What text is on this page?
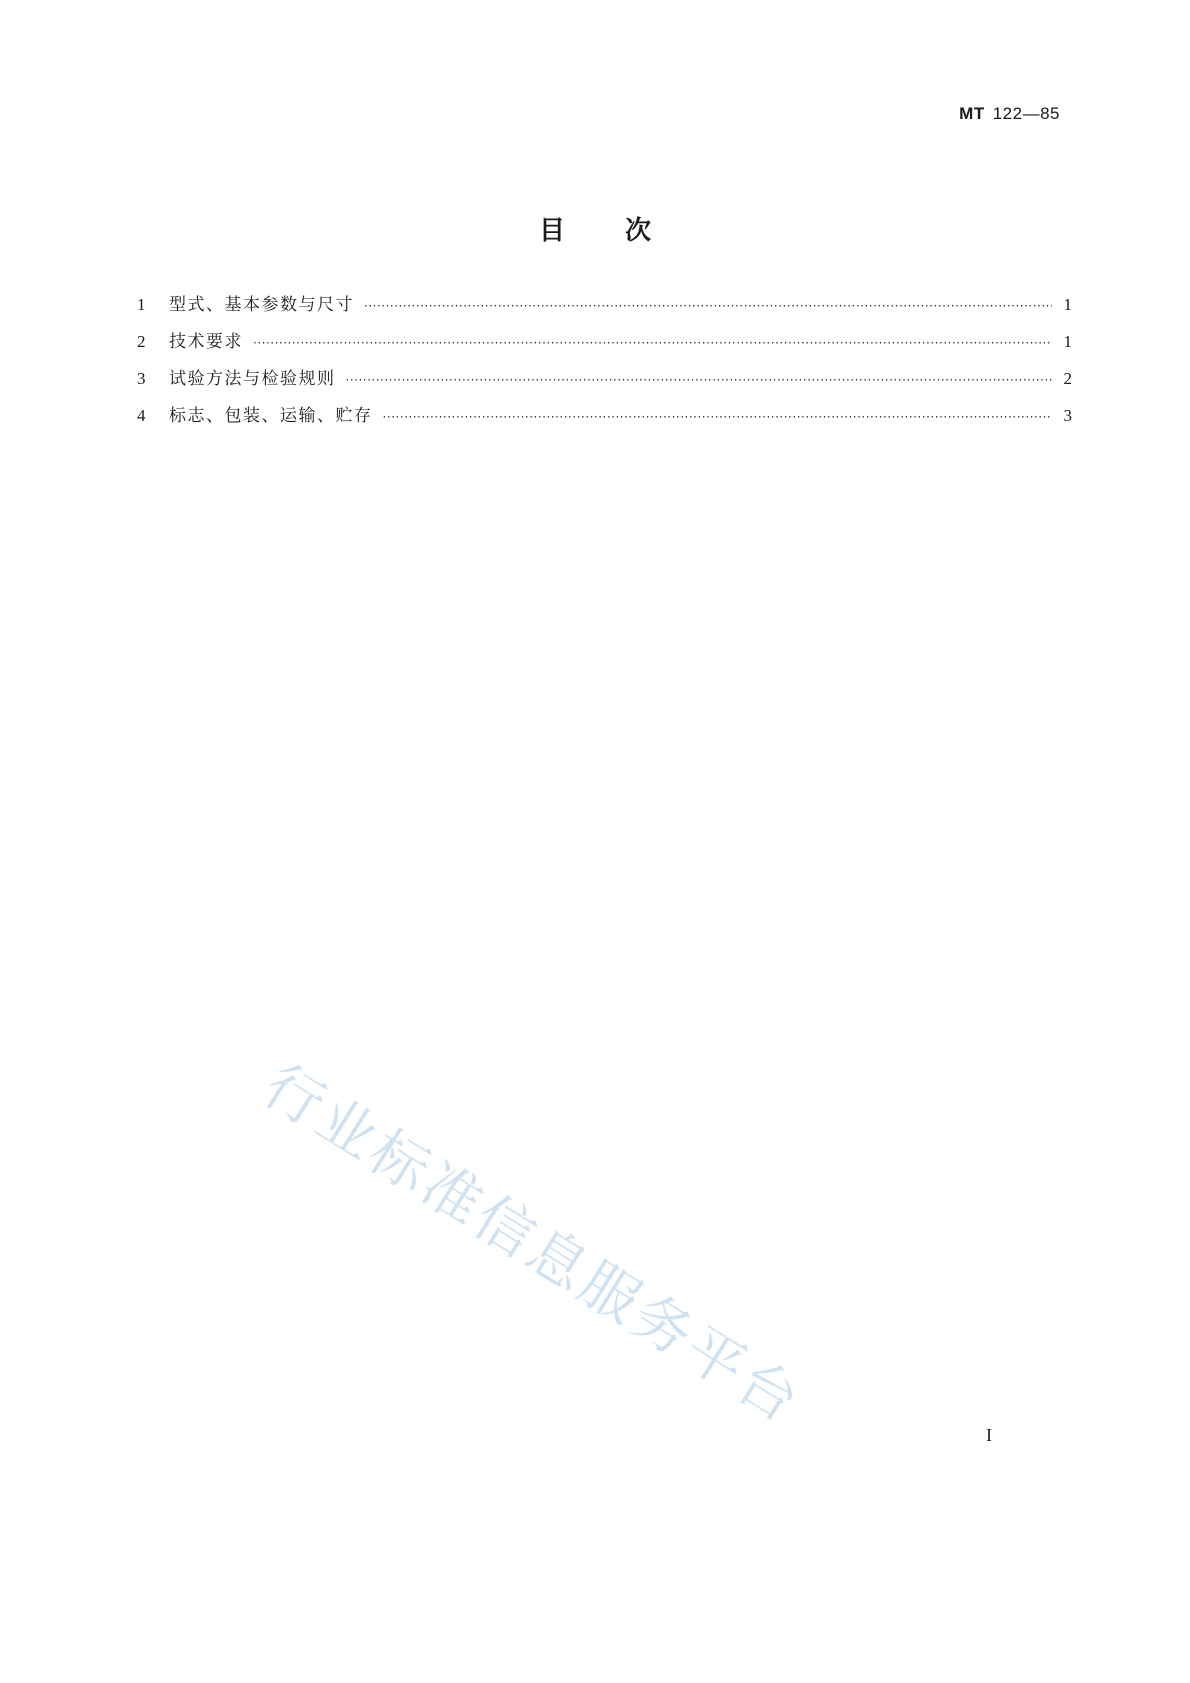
MT 122—85
目次
1	型式、基本参数与尺寸 ·····	1
2	技术要求 ·····	1
3	试验方法与检验规则 ·····	2
4	标志、包装、运输、贮存 ·····	3
行业标准信息服务平台	I
